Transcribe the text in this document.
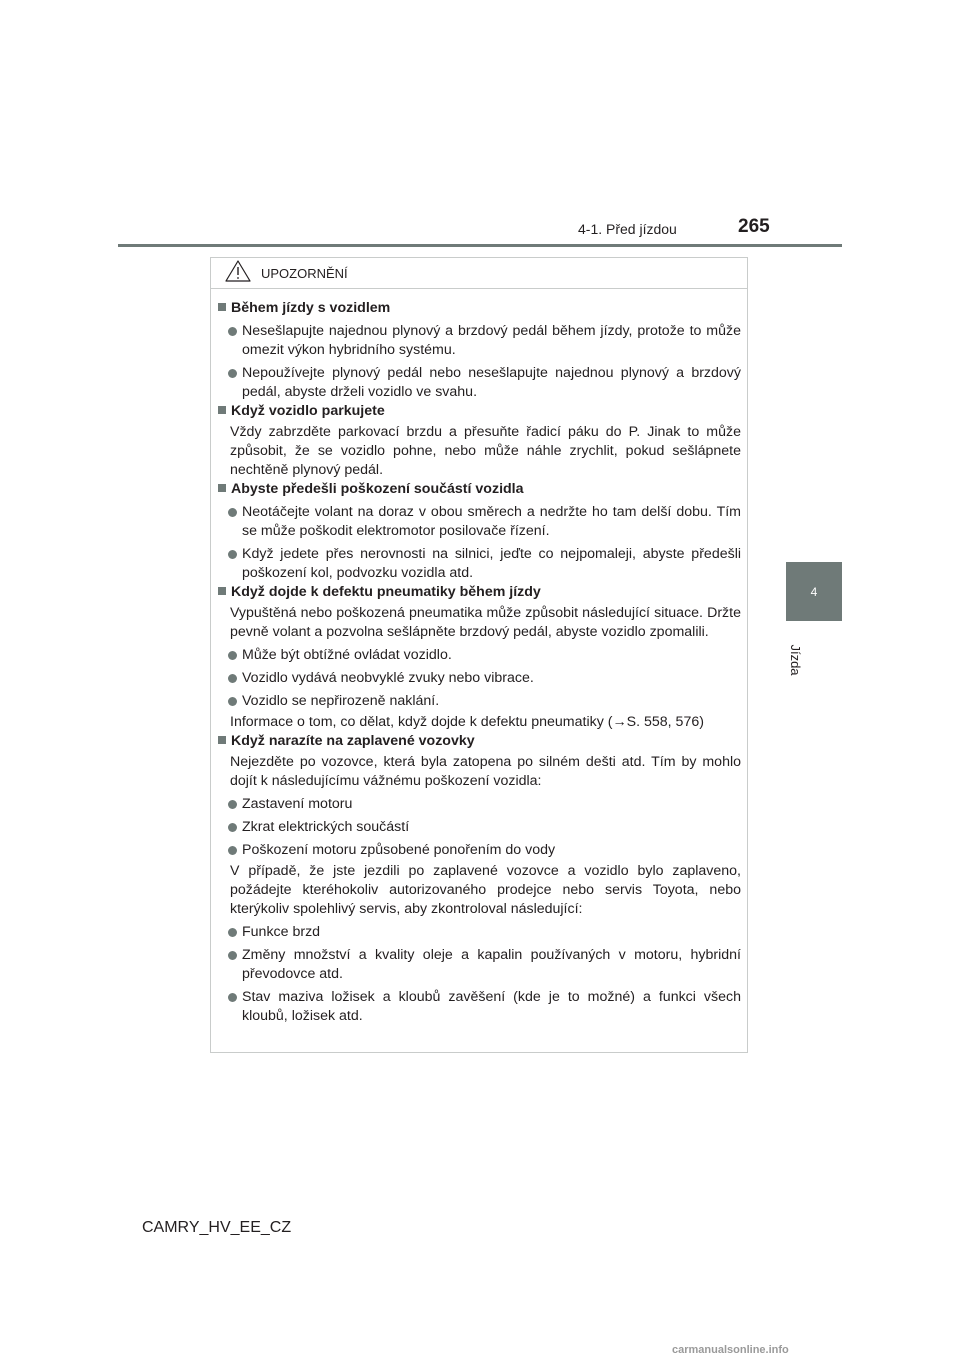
4-1. Před jízdou	265
4
Jízda
UPOZORNĚNÍ
Během jízdy s vozidlem
Nesešlapujte najednou plynový a brzdový pedál během jízdy, protože to může omezit výkon hybridního systému.
Nepoužívejte plynový pedál nebo nesešlapujte najednou plynový a brzdový pedál, abyste drželi vozidlo ve svahu.
Když vozidlo parkujete
Vždy zabrzděte parkovací brzdu a přesuňte řadicí páku do P. Jinak to může způsobit, že se vozidlo pohne, nebo může náhle zrychlit, pokud sešlápnete nechtěně plynový pedál.
Abyste předešli poškození součástí vozidla
Neotáčejte volant na doraz v obou směrech a nedržte ho tam delší dobu. Tím se může poškodit elektromotor posilovače řízení.
Když jedete přes nerovnosti na silnici, jeďte co nejpomaleji, abyste předešli poškození kol, podvozku vozidla atd.
Když dojde k defektu pneumatiky během jízdy
Vypuštěná nebo poškozená pneumatika může způsobit následující situace. Držte pevně volant a pozvolna sešlápněte brzdový pedál, abyste vozidlo zpomalili.
Může být obtížné ovládat vozidlo.
Vozidlo vydává neobvyklé zvuky nebo vibrace.
Vozidlo se nepřirozeně naklání.
Informace o tom, co dělat, když dojde k defektu pneumatiky (→S. 558, 576)
Když narazíte na zaplavené vozovky
Nejezděte po vozovce, která byla zatopena po silném dešti atd. Tím by mohlo dojít k následujícímu vážnému poškození vozidla:
Zastavení motoru
Zkrat elektrických součástí
Poškození motoru způsobené ponořením do vody
V případě, že jste jezdili po zaplavené vozovce a vozidlo bylo zaplaveno, požádejte kteréhokoliv autorizovaného prodejce nebo servis Toyota, nebo kterýkoliv spolehlivý servis, aby zkontroloval následující:
Funkce brzd
Změny množství a kvality oleje a kapalin používaných v motoru, hybridní převodovce atd.
Stav maziva ložisek a kloubů zavěšení (kde je to možné) a funkci všech kloubů, ložisek atd.
CAMRY_HV_EE_CZ
carmanualsonline.info
